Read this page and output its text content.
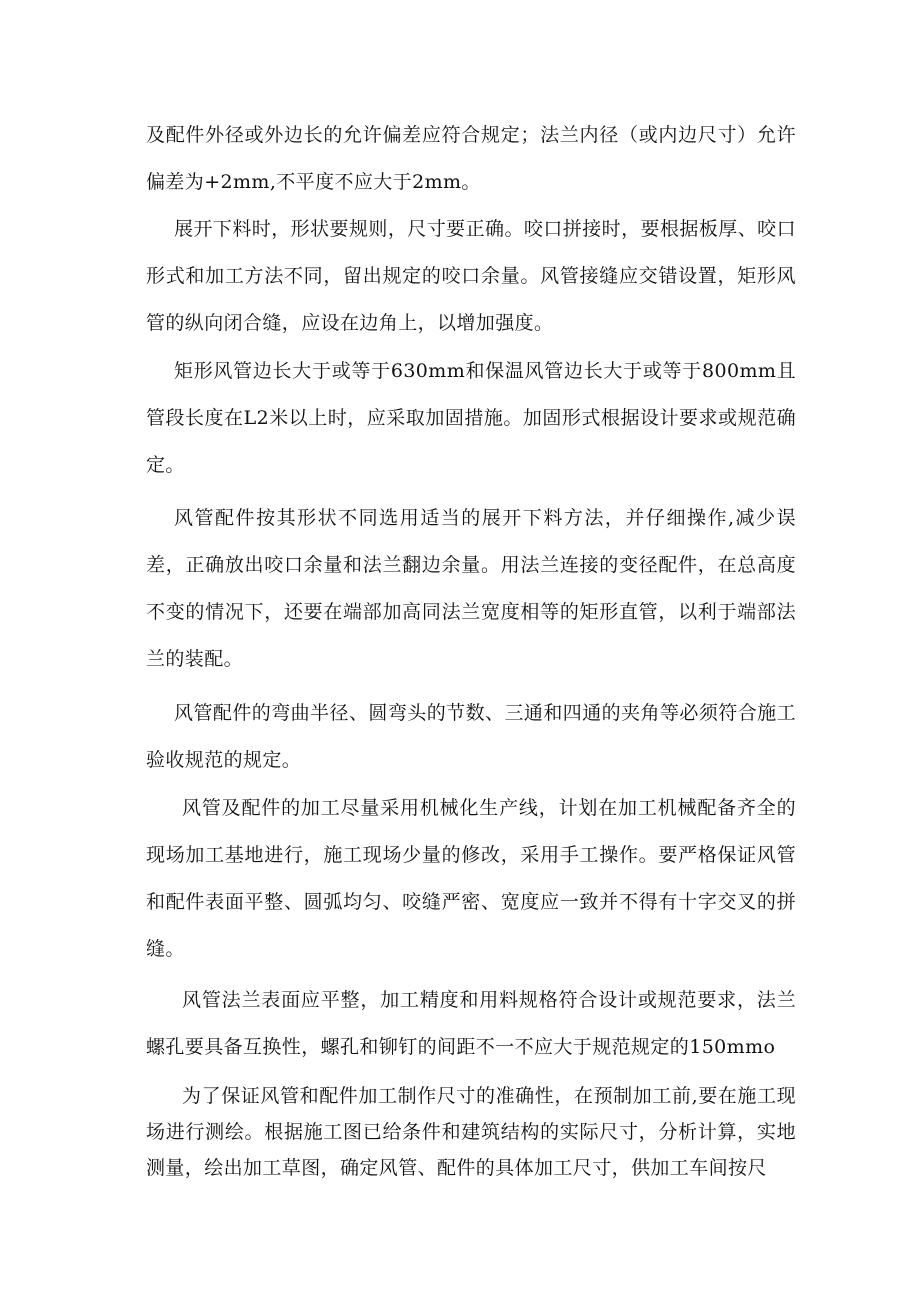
及配件外径或外边长的允许偏差应符合规定；法兰内径（或内边尺寸）允许偏差为+2mm,不平度不应大于2mm。

展开下料时，形状要规则，尺寸要正确。咬口拼接时，要根据板厚、咬口形式和加工方法不同，留出规定的咬口余量。风管接缝应交错设置，矩形风管的纵向闭合缝，应设在边角上，以增加强度。

矩形风管边长大于或等于630mm和保温风管边长大于或等于800mm且管段长度在L2米以上时，应采取加固措施。加固形式根据设计要求或规范确定。

风管配件按其形状不同选用适当的展开下料方法，并仔细操作,减少误差，正确放出咬口余量和法兰翻边余量。用法兰连接的变径配件，在总高度不变的情况下，还要在端部加高同法兰宽度相等的矩形直管，以利于端部法兰的装配。

风管配件的弯曲半径、圆弯头的节数、三通和四通的夹角等必须符合施工验收规范的规定。

风管及配件的加工尽量采用机械化生产线，计划在加工机械配备齐全的现场加工基地进行，施工现场少量的修改，采用手工操作。要严格保证风管和配件表面平整、圆弧均匀、咬缝严密、宽度应一致并不得有十字交叉的拼缝。

风管法兰表面应平整，加工精度和用料规格符合设计或规范要求，法兰螺孔要具备互换性，螺孔和铆钉的间距不一不应大于规范规定的150mmo

为了保证风管和配件加工制作尺寸的准确性，在预制加工前,要在施工现场进行测绘。根据施工图已给条件和建筑结构的实际尺寸，分析计算，实地测量，绘出加工草图，确定风管、配件的具体加工尺寸，供加工车间按尺
